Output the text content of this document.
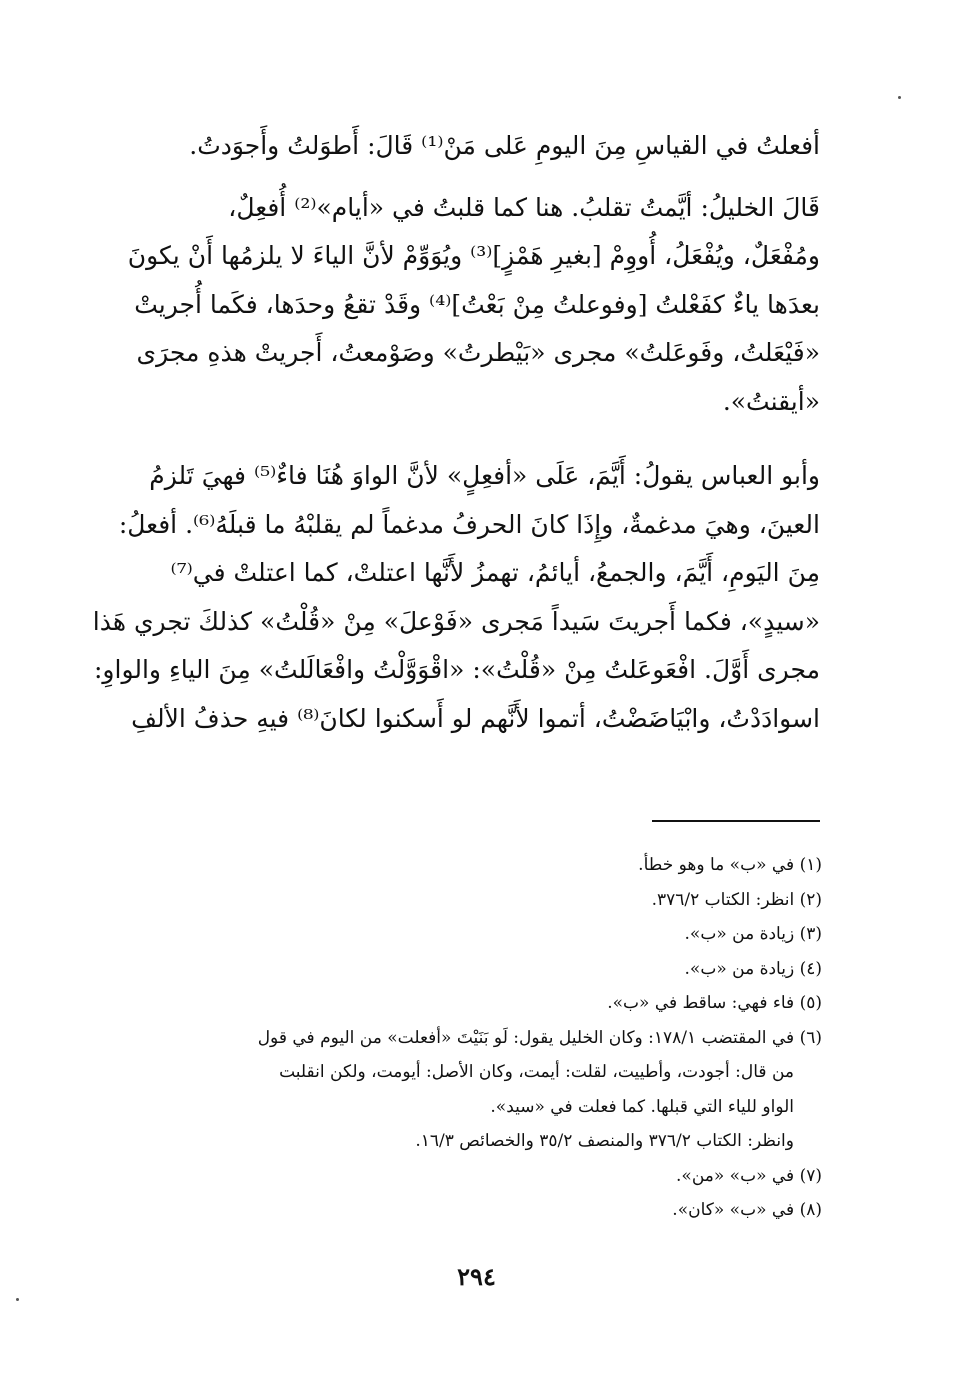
أفعلتُ في القياسِ مِنَ اليومِ عَلى مَنْ⁽¹⁾ قَالَ: أَطوَلتُ وأَجوَدتُ.

قَالَ الخليلُ: أيَّمتُ تقلبُ. هنا كما قلبتُ في «أيام»⁽²⁾ أُفعِلٌ،
ومُفْعَلٌ، ويُفْعَلُ، أُووِمْ [بغيرِ هَمْزٍ]⁽³⁾ ويُوَوِّمْ لأنَّ الياءَ لا يلزمُها أَنْ يكونَ
بعدَها ياءٌ كفَعْلتُ [وفوعلتُ مِنْ بَعْتُ]⁽⁴⁾ وقَدْ تقعُ وحدَها، فكَما أُجريتْ
«فَيْعَلتُ، وفَوعَلتُ» مجرى «بَيْطرتُ» وصَوْمعتُ، أَجريتْ هذهِ مجرَى
«أيقنتُ».

وأبو العباس يقولُ: أَيَّمَ، عَلَى «أفعِلٍ» لأنَّ الواوَ هُنَا فاءٌ⁽⁵⁾ فهيَ تَلزمُ
العينَ، وهيَ مدغمةٌ، وإِذَا كانَ الحرفُ مدغماً لم يقلبْهُ ما قبلَهُ⁽⁶⁾. أفعلُ:
مِنَ اليَومِ، أَيَّمَ، والجمعُ، أيائمُ، تهمزُ لأَنَّها اعتلتْ، كما اعتلتْ في⁽⁷⁾
«سيدٍ»، فكما أَجريتَ سَيداً مَجرى «فَوْعلَ» مِنْ «قُلْتُ» كذلكَ تجري هَذا
مجرى أَوَّلَ. افْعَوعَلتُ مِنْ «قُلْتُ»: «اقْوَوَّلْتُ وافْعَالَلتُ» مِنَ الياءِ والواوِ:
اسوادَدْتُ، وابْيَاضَضْتُ، أتموا لأَنَّهم لو أَسكنوا لكانَ⁽⁸⁾ فيهِ حذفُ الألفِ

(١) في «ب» ما وهو خطأ.
(٢) انظر: الكتاب ٣٧٦/٢.
(٣) زيادة من «ب».
(٤) زيادة من «ب».
(٥) فاء فهي: ساقط في «ب».
(٦) في المقتضب ١٧٨/١: وكان الخليل يقول: لَو بَنَيْتَ «أفعلت» من اليوم في قول
من قال: أجودت، وأطييت، لقلت: أيمت، وكان الأصل: أيومت، ولكن انقلبت
الواو للياء التي قبلها. كما فعلت في «سيد».
وانظر: الكتاب ٣٧٦/٢ والمنصف ٣٥/٢ والخصائص ١٦/٣.
(٧) في «ب» «من».
(٨) في «ب» «كان».
٢٩٤
